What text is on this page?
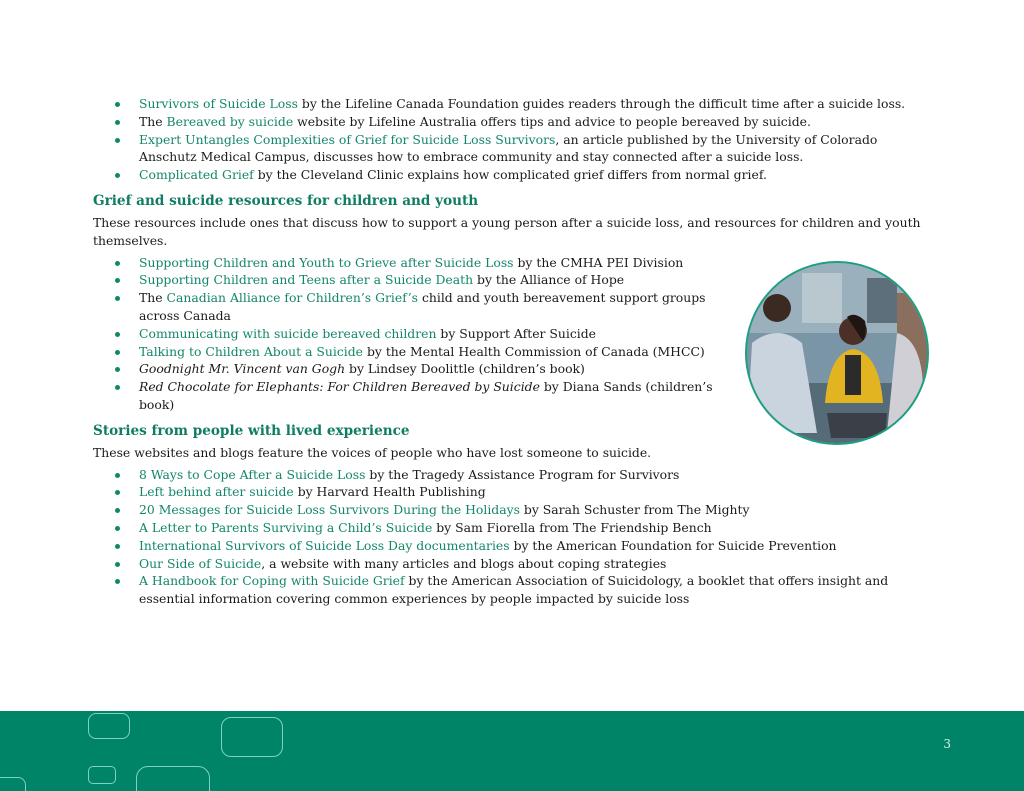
Survivors of Suicide Loss by the Lifeline Canada Foundation guides readers through the difficult time after a suicide loss.
The Bereaved by suicide website by Lifeline Australia offers tips and advice to people bereaved by suicide.
Expert Untangles Complexities of Grief for Suicide Loss Survivors, an article published by the University of Colorado Anschutz Medical Campus, discusses how to embrace community and stay connected after a suicide loss.
Complicated Grief by the Cleveland Clinic explains how complicated grief differs from normal grief.
Grief and suicide resources for children and youth

These resources include ones that discuss how to support a young person after a suicide loss, and resources for children and youth themselves.

Supporting Children and Youth to Grieve after Suicide Loss by the CMHA PEI Division
Supporting Children and Teens after a Suicide Death by the Alliance of Hope
The Canadian Alliance for Children’s Grief’s child and youth bereavement support groups across Canada
Communicating with suicide bereaved children by Support After Suicide
Talking to Children About a Suicide by the Mental Health Commission of Canada (MHCC)
Goodnight Mr. Vincent van Gogh by Lindsey Doolittle (children’s book)
Red Chocolate for Elephants: For Children Bereaved by Suicide by Diana Sands (children’s book)
Stories from people with lived experience

These websites and blogs feature the voices of people who have lost someone to suicide.

8 Ways to Cope After a Suicide Loss by the Tragedy Assistance Program for Survivors
Left behind after suicide by Harvard Health Publishing
20 Messages for Suicide Loss Survivors During the Holidays by Sarah Schuster from The Mighty
A Letter to Parents Surviving a Child’s Suicide by Sam Fiorella from The Friendship Bench
International Survivors of Suicide Loss Day documentaries by the American Foundation for Suicide Prevention
Our Side of Suicide, a website with many articles and blogs about coping strategies
A Handbook for Coping with Suicide Grief by the American Association of Suicidology, a booklet that offers insight and essential information covering common experiences by people impacted by suicide loss
3
